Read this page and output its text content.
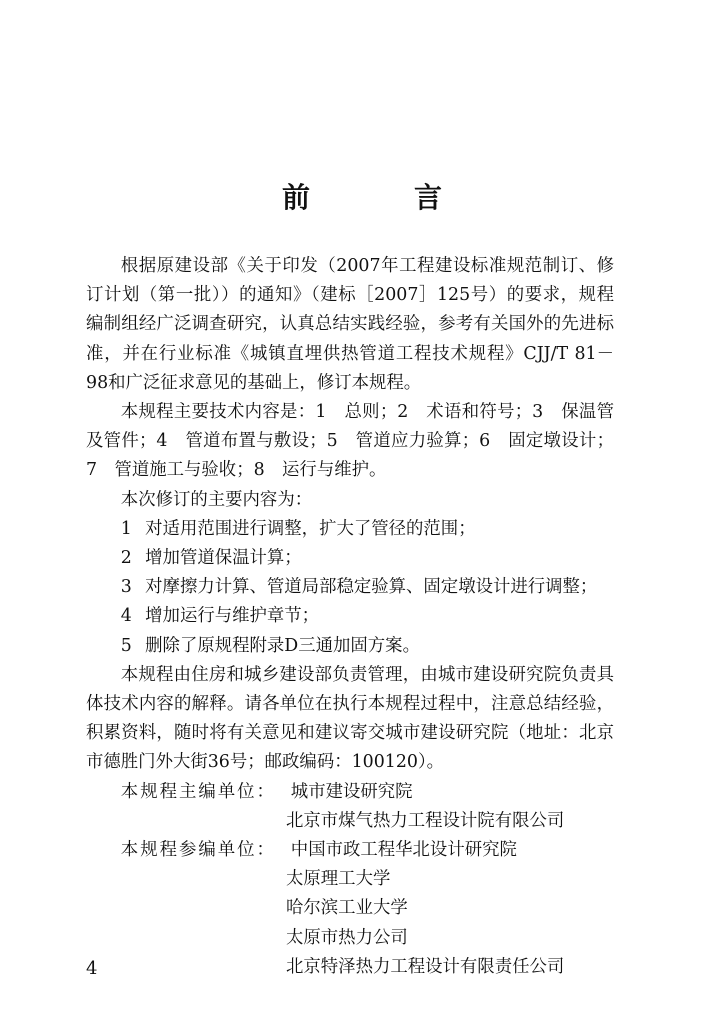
前　言

根据原建设部《关于印发（2007年工程建设标准规范制订、修订计划（第一批））的通知》（建标［2007］125号）的要求，规程编制组经广泛调查研究，认真总结实践经验，参考有关国外的先进标准，并在行业标准《城镇直埋供热管道工程技术规程》CJJ/T 81－98和广泛征求意见的基础上，修订本规程。

本规程主要技术内容是：1　总则；2　术语和符号；3　保温管及管件；4　管道布置与敷设；5　管道应力验算；6　固定墩设计；7　管道施工与验收；8　运行与维护。

本次修订的主要内容为：

1 对适用范围进行调整，扩大了管径的范围；

2 增加管道保温计算；

3 对摩擦力计算、管道局部稳定验算、固定墩设计进行调整；

4 增加运行与维护章节；

5 删除了原规程附录D三通加固方案。

本规程由住房和城乡建设部负责管理，由城市建设研究院负责具体技术内容的解释。请各单位在执行本规程过程中，注意总结经验，积累资料，随时将有关意见和建议寄交城市建设研究院（地址：北京市德胜门外大街36号；邮政编码：100120）。

本规程主编单位： 城市建设研究院

北京市煤气热力工程设计院有限公司

本规程参编单位： 中国市政工程华北设计研究院

太原理工大学

哈尔滨工业大学

太原市热力公司

北京特泽热力工程设计有限责任公司

4
